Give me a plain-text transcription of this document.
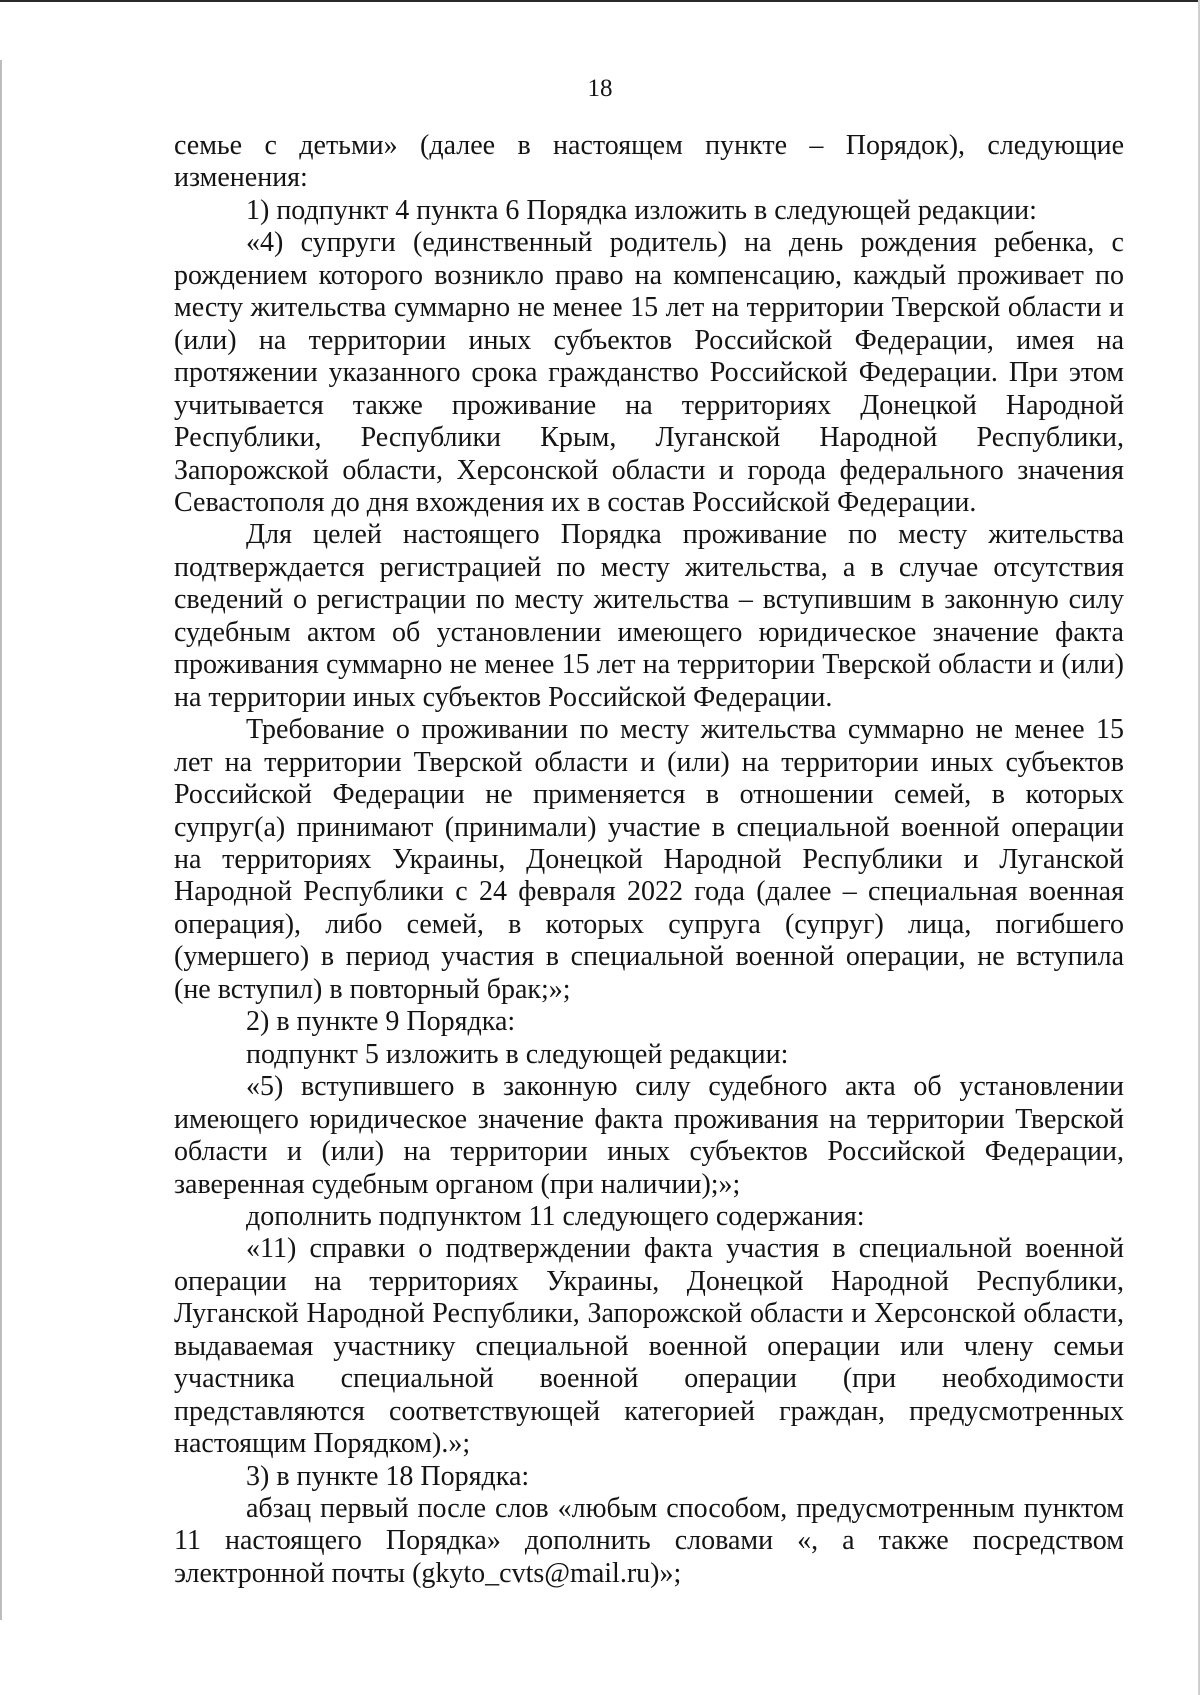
18

семье с детьми» (далее в настоящем пункте – Порядок), следующие изменения:

1) подпункт 4 пункта 6 Порядка изложить в следующей редакции:

«4) супруги (единственный родитель) на день рождения ребенка, с рождением которого возникло право на компенсацию, каждый проживает по месту жительства суммарно не менее 15 лет на территории Тверской области и (или) на территории иных субъектов Российской Федерации, имея на протяжении указанного срока гражданство Российской Федерации. При этом учитывается также проживание на территориях Донецкой Народной Республики, Республики Крым, Луганской Народной Республики, Запорожской области, Херсонской области и города федерального значения Севастополя до дня вхождения их в состав Российской Федерации.

Для целей настоящего Порядка проживание по месту жительства подтверждается регистрацией по месту жительства, а в случае отсутствия сведений о регистрации по месту жительства – вступившим в законную силу судебным актом об установлении имеющего юридическое значение факта проживания суммарно не менее 15 лет на территории Тверской области и (или) на территории иных субъектов Российской Федерации.

Требование о проживании по месту жительства суммарно не менее 15 лет на территории Тверской области и (или) на территории иных субъектов Российской Федерации не применяется в отношении семей, в которых супруг(а) принимают (принимали) участие в специальной военной операции на территориях Украины, Донецкой Народной Республики и Луганской Народной Республики с 24 февраля 2022 года (далее – специальная военная операция), либо семей, в которых супруга (супруг) лица, погибшего (умершего) в период участия в специальной военной операции, не вступила (не вступил) в повторный брак;»;

2) в пункте 9 Порядка:

подпункт 5 изложить в следующей редакции:

«5) вступившего в законную силу судебного акта об установлении имеющего юридическое значение факта проживания на территории Тверской области и (или) на территории иных субъектов Российской Федерации, заверенная судебным органом (при наличии);»;

дополнить подпунктом 11 следующего содержания:

«11) справки о подтверждении факта участия в специальной военной операции на территориях Украины, Донецкой Народной Республики, Луганской Народной Республики, Запорожской области и Херсонской области, выдаваемая участнику специальной военной операции или члену семьи участника специальной военной операции (при необходимости представляются соответствующей категорией граждан, предусмотренных настоящим Порядком).»;

3) в пункте 18 Порядка:

абзац первый после слов «любым способом, предусмотренным пунктом 11 настоящего Порядка» дополнить словами «, а также посредством электронной почты (gkyto_cvts@mail.ru)»;
